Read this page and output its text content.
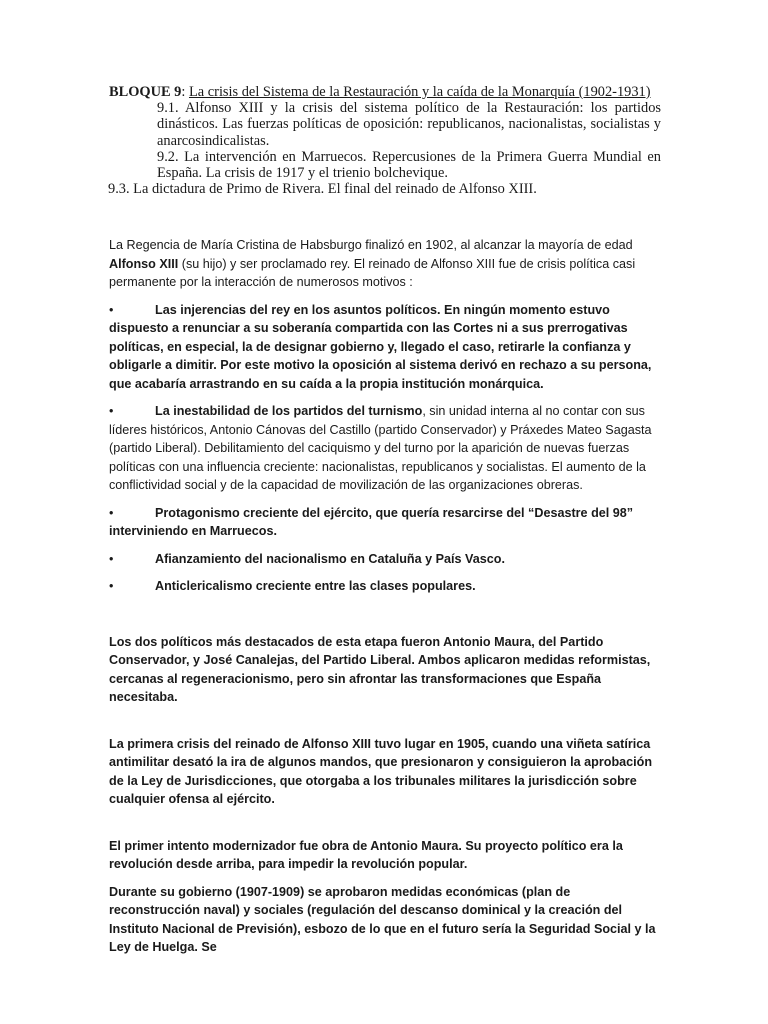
BLOQUE 9: La crisis del Sistema de la Restauración y la caída de la Monarquía (1902-1931)
9.1. Alfonso XIII y la crisis del sistema político de la Restauración: los partidos dinásticos. Las fuerzas políticas de oposición: republicanos, nacionalistas, socialistas y anarcosindicalistas.
9.2. La intervención en Marruecos. Repercusiones de la Primera Guerra Mundial en España. La crisis de 1917 y el trienio bolchevique.
9.3. La dictadura de Primo de Rivera. El final del reinado de Alfonso XIII.

La Regencia de María Cristina de Habsburgo finalizó en 1902, al alcanzar la mayoría de edad Alfonso XIII (su hijo) y ser proclamado rey. El reinado de Alfonso XIII fue de crisis política casi permanente por la interacción de numerosos motivos :

•	Las injerencias del rey en los asuntos políticos. En ningún momento estuvo dispuesto a renunciar a su soberanía compartida con las Cortes ni a sus prerrogativas políticas, en especial, la de designar gobierno y, llegado el caso, retirarle la confianza y obligarle a dimitir. Por este motivo la oposición al sistema derivó en rechazo a su persona, que acabaría arrastrando en su caída a la propia institución monárquica.

•	La inestabilidad de los partidos del turnismo, sin unidad interna al no contar con sus líderes históricos, Antonio Cánovas del Castillo (partido Conservador) y Práxedes Mateo Sagasta (partido Liberal). Debilitamiento del caciquismo y del turno por la aparición de nuevas fuerzas políticas con una influencia creciente: nacionalistas, republicanos y socialistas. El aumento de la conflictividad social y de la capacidad de movilización de las organizaciones obreras.

•	Protagonismo creciente del ejército, que quería resarcirse del “Desastre del 98” interviniendo en Marruecos.

•	Afianzamiento del nacionalismo en Cataluña y País Vasco.

•	Anticlericalismo creciente entre las clases populares.

Los dos políticos más destacados de esta etapa fueron Antonio Maura, del Partido Conservador, y José Canalejas, del Partido Liberal. Ambos aplicaron medidas reformistas, cercanas al regeneracionismo, pero sin afrontar las transformaciones que España necesitaba.

La primera crisis del reinado de Alfonso XIII tuvo lugar en 1905, cuando una viñeta satírica antimilitar desató la ira de algunos mandos, que presionaron y consiguieron la aprobación de la Ley de Jurisdicciones, que otorgaba a los tribunales militares la jurisdicción sobre cualquier ofensa al ejército.

El primer intento modernizador fue obra de Antonio Maura. Su proyecto político era la revolución desde arriba, para impedir la revolución popular.

Durante su gobierno (1907-1909) se aprobaron medidas económicas (plan de reconstrucción naval) y sociales (regulación del descanso dominical y la creación del Instituto Nacional de Previsión), esbozo de lo que en el futuro sería la Seguridad Social y la Ley de Huelga. Se
